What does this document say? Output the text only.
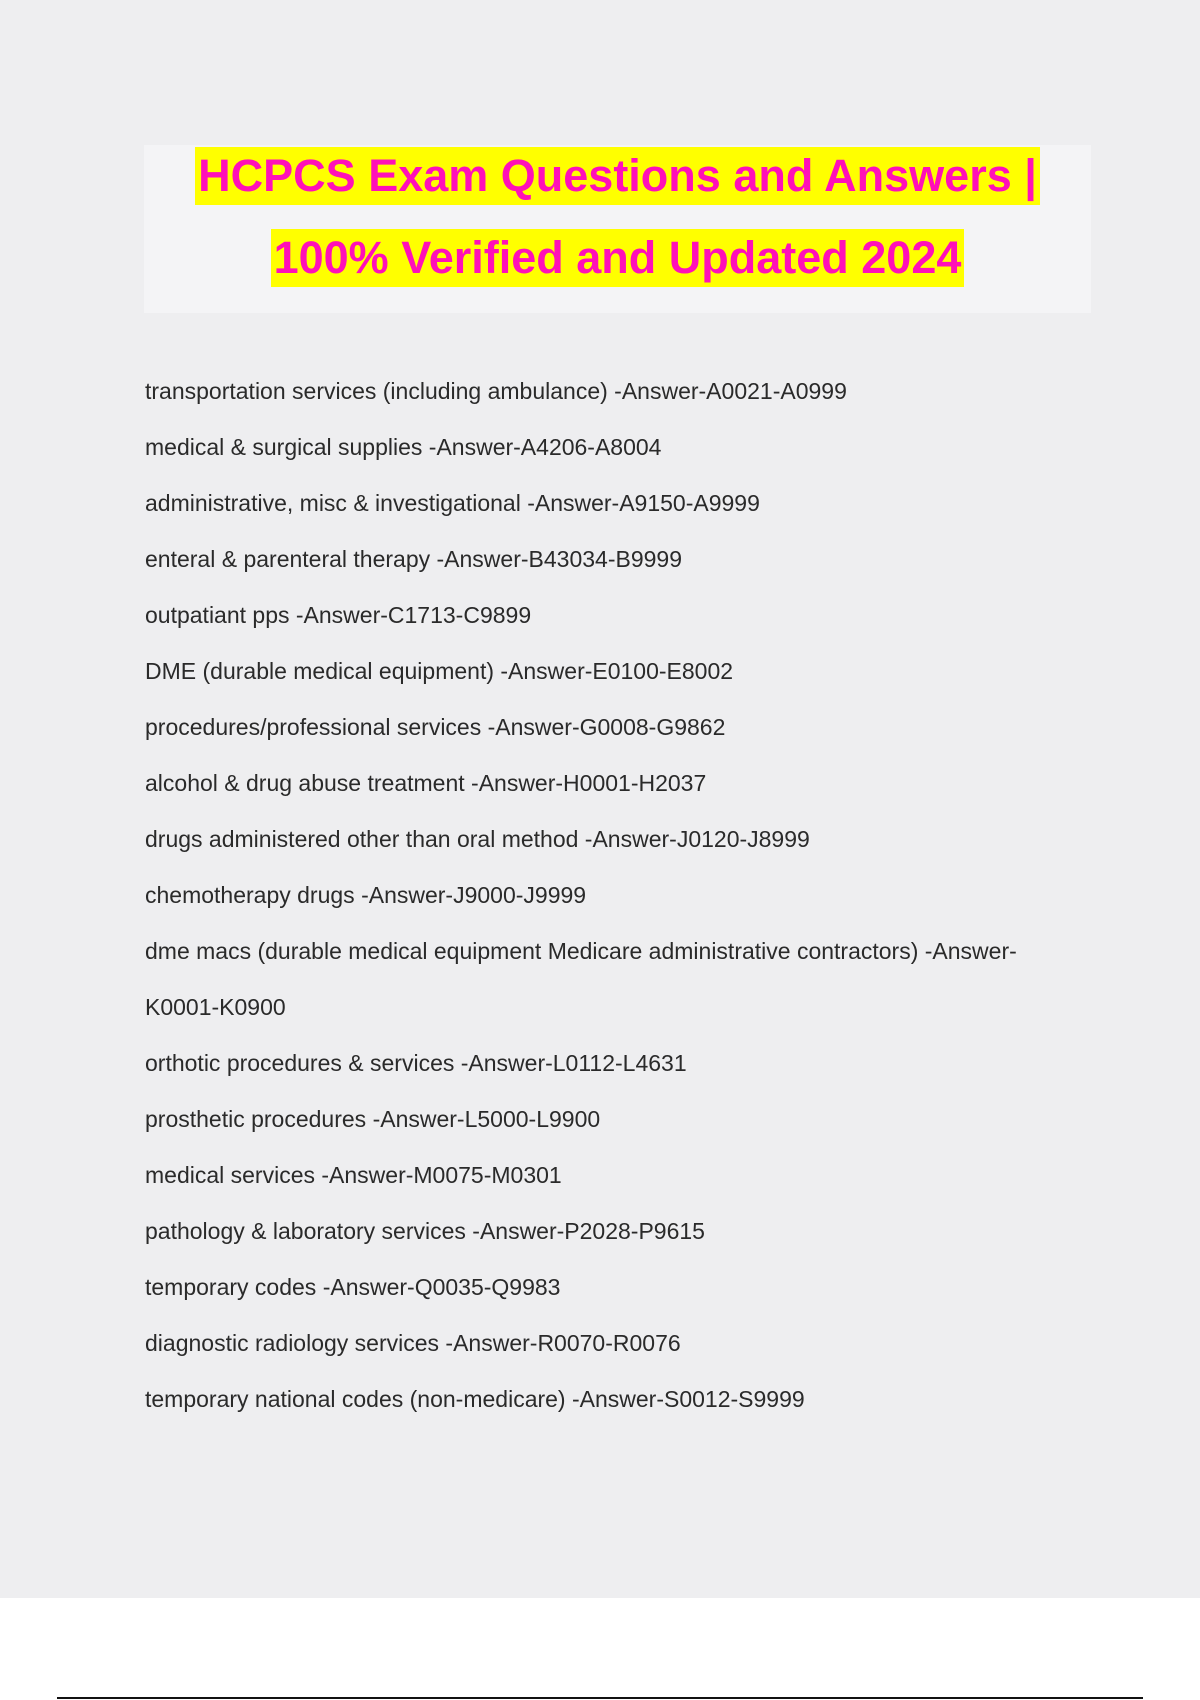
HCPCS Exam Questions and Answers |
100% Verified and Updated 2024
transportation services (including ambulance) -Answer-A0021-A0999
medical & surgical supplies -Answer-A4206-A8004
administrative, misc & investigational -Answer-A9150-A9999
enteral & parenteral therapy -Answer-B43034-B9999
outpatiant pps -Answer-C1713-C9899
DME (durable medical equipment) -Answer-E0100-E8002
procedures/professional services -Answer-G0008-G9862
alcohol & drug abuse treatment -Answer-H0001-H2037
drugs administered other than oral method -Answer-J0120-J8999
chemotherapy drugs -Answer-J9000-J9999
dme macs (durable medical equipment Medicare administrative contractors) -Answer-K0001-K0900
orthotic procedures & services -Answer-L0112-L4631
prosthetic procedures -Answer-L5000-L9900
medical services -Answer-M0075-M0301
pathology & laboratory services -Answer-P2028-P9615
temporary codes -Answer-Q0035-Q9983
diagnostic radiology services -Answer-R0070-R0076
temporary national codes (non-medicare) -Answer-S0012-S9999
